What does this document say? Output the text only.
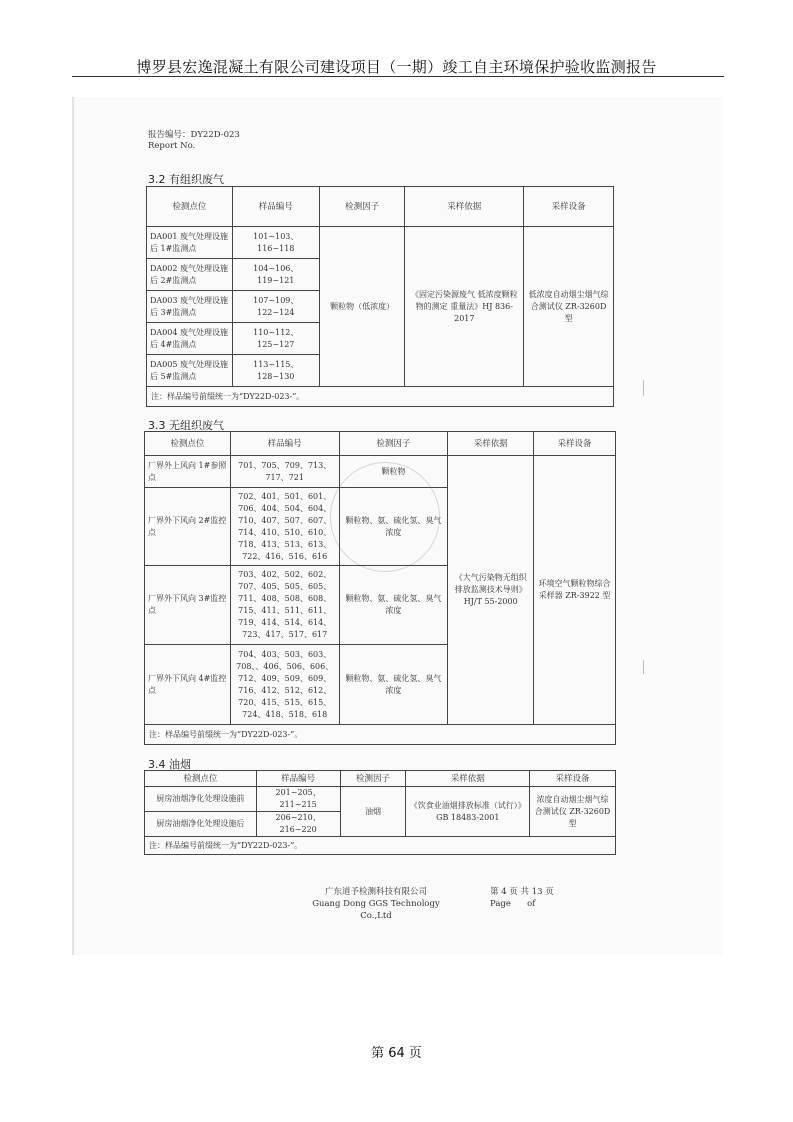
博罗县宏逸混凝土有限公司建设项目（一期）竣工自主环境保护验收监测报告
报告编号：DY22D-023
Report No.
3.2 有组织废气
检测点位	样品编号	检测因子	采样依据	采样设备
DA001 废气处理设施后 1#监测点	101~103、116~118	颗粒物（低浓度）	《固定污染源废气 低浓度颗粒物的测定 重量法》HJ 836-2017	低浓度自动烟尘烟气综合测试仪 ZR-3260D 型
DA002 废气处理设施后 2#监测点	104~106、119~121			
DA003 废气处理设施后 3#监测点	107~109、122~124			
DA004 废气处理设施后 4#监测点	110~112、125~127			
DA005 废气处理设施后 5#监测点	113~115、128~130			
注：样品编号前缀统一为“DY22D-023-”。				
3.3 无组织废气
检测点位	样品编号	检测因子	采样依据	采样设备
厂界外上风向 1#参照点	701、705、709、713、717、721	颗粒物	《大气污染物无组织排放监测技术导则》HJ/T 55-2000	环境空气颗粒物综合采样器 ZR-3922 型
厂界外下风向 2#监控点	702、401、501、601、706、404、504、604、710、407、507、607、714、410、510、610、718、413、513、613、722、416、516、616	颗粒物、氨、硫化氢、臭气浓度		
厂界外下风向 3#监控点	703、402、502、602、707、405、505、605、711、408、508、608、715、411、511、611、719、414、514、614、723、417、517、617	颗粒物、氨、硫化氢、臭气浓度		
厂界外下风向 4#监控点	704、403、503、603、708、、406、506、606、712、409、509、609、716、412、512、612、720、415、515、615、724、418、518、618	颗粒物、氨、硫化氢、臭气浓度		
注：样品编号前缀统一为“DY22D-023-”。				
3.4 油烟
检测点位	样品编号	检测因子	采样依据	采样设备
厨房油烟净化处理设施前	201~205、211~215	油烟	《饮食业油烟排放标准（试行）》 GB 18483-2001	浓度自动烟尘烟气综合测试仪 ZR-3260D 型
厨房油烟净化处理设施后	206~210、216~220			
注：样品编号前缀统一为“DY22D-023-”。				
广东道予检测科技有限公司
Guang Dong GGS Technology Co.,Ltd
第 4 页 共 13 页
Page      of
第 64 页
